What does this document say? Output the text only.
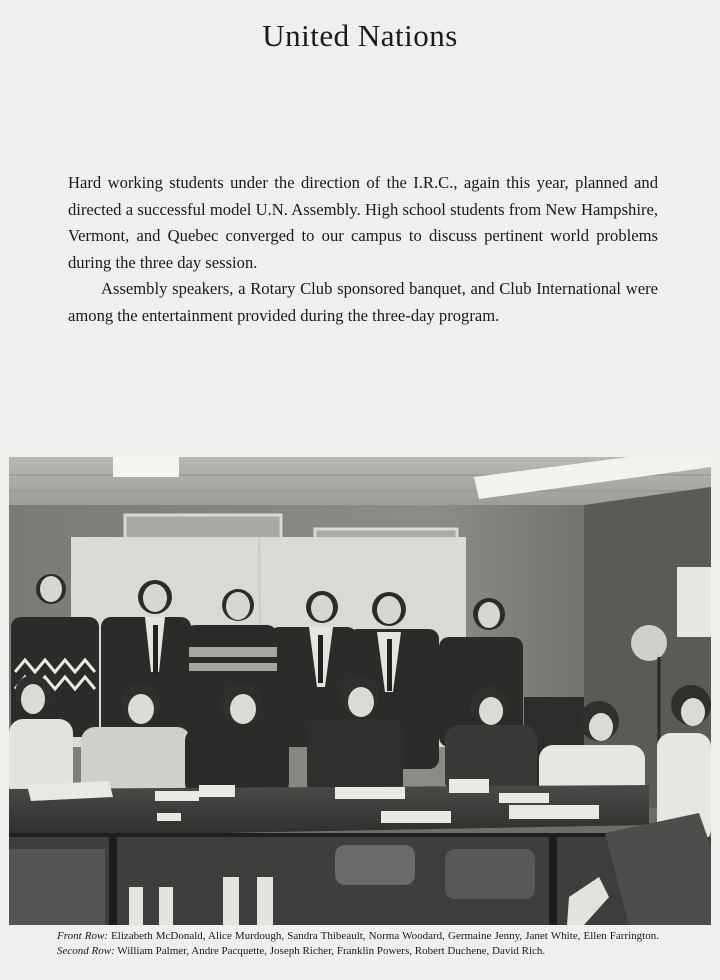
United Nations

Hard working students under the direction of the I.R.C., again this year, planned and directed a successful model U.N. Assembly. High school students from New Hampshire, Vermont, and Quebec converged to our campus to discuss pertinent world problems during the three day session.

Assembly speakers, a Rotary Club sponsored banquet, and Club International were among the entertainment provided during the three-day program.

Front Row: Elizabeth McDonald, Alice Murdough, Sandra Thibeault, Norma Woodard, Germaine Jenny, Janet White, Ellen Farrington. Second Row: William Palmer, Andre Pacquette, Joseph Richer, Franklin Powers, Robert Duchene, David Rich.
